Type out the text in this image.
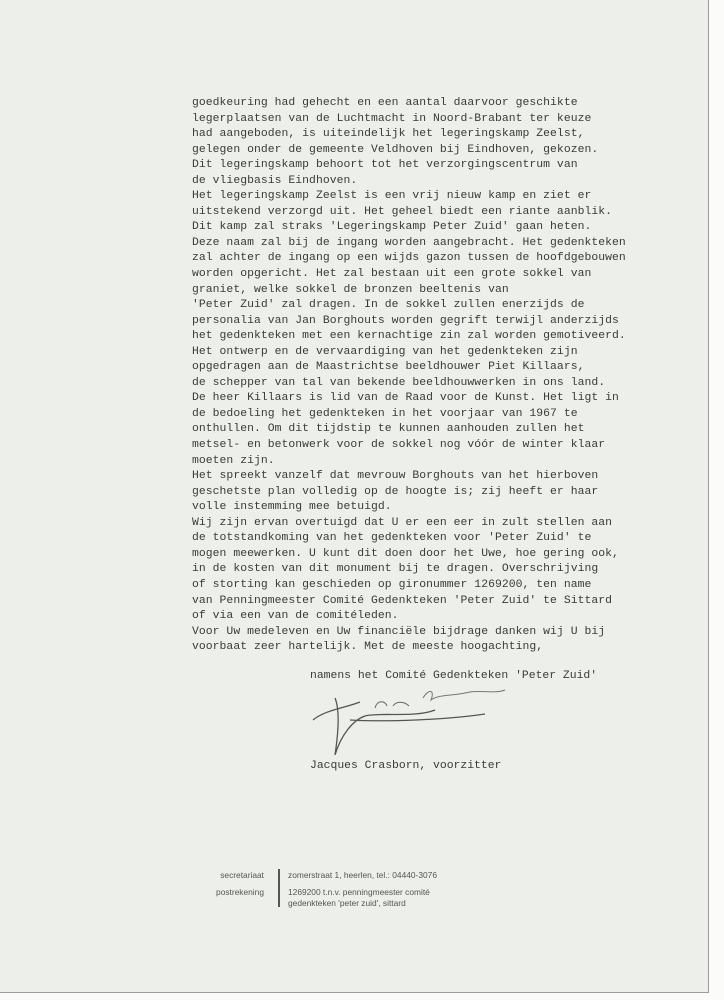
goedkeuring had gehecht en een aantal daarvoor geschikte
legerplaatsen van de Luchtmacht in Noord-Brabant ter keuze
had aangeboden, is uiteindelijk het legeringskamp Zeelst,
gelegen onder de gemeente Veldhoven bij Eindhoven, gekozen.
Dit legeringskamp behoort tot het verzorgingscentrum van
de vliegbasis Eindhoven.
Het legeringskamp Zeelst is een vrij nieuw kamp en ziet er
uitstekend verzorgd uit. Het geheel biedt een riante aanblik.
Dit kamp zal straks 'Legeringskamp Peter Zuid' gaan heten.
Deze naam zal bij de ingang worden aangebracht. Het gedenkteken
zal achter de ingang op een wijds gazon tussen de hoofdgebouwen
worden opgericht. Het zal bestaan uit een grote sokkel van
graniet, welke sokkel de bronzen beeltenis van
'Peter Zuid' zal dragen. In de sokkel zullen enerzijds de
personalia van Jan Borghouts worden gegrift terwijl anderzijds
het gedenkteken met een kernachtige zin zal worden gemotiveerd.
Het ontwerp en de vervaardiging van het gedenkteken zijn
opgedragen aan de Maastrichtse beeldhouwer Piet Killaars,
de schepper van tal van bekende beeldhouwwerken in ons land.
De heer Killaars is lid van de Raad voor de Kunst. Het ligt in
de bedoeling het gedenkteken in het voorjaar van 1967 te
onthullen. Om dit tijdstip te kunnen aanhouden zullen het
metsel- en betonwerk voor de sokkel nog vóór de winter klaar
moeten zijn.
Het spreekt vanzelf dat mevrouw Borghouts van het hierboven
geschetste plan volledig op de hoogte is; zij heeft er haar
volle instemming mee betuigd.
Wij zijn ervan overtuigd dat U er een eer in zult stellen aan
de totstandkoming van het gedenkteken voor 'Peter Zuid' te
mogen meewerken. U kunt dit doen door het Uwe, hoe gering ook,
in de kosten van dit monument bij te dragen. Overschrijving
of storting kan geschieden op gironummer 1269200, ten name
van Penningmeester Comité Gedenkteken 'Peter Zuid' te Sittard
of via een van de comitéleden.
Voor Uw medeleven en Uw financiële bijdrage danken wij U bij
voorbaat zeer hartelijk. Met de meeste hoogachting,
namens het Comité Gedenkteken 'Peter Zuid'
Jacques Crasborn, voorzitter
secretariaat
postrekening
zomerstraat 1, heerlen, tel.: 04440-3076
1269200 t.n.v. penningmeester comité
gedenkteken 'peter zuid', sittard
